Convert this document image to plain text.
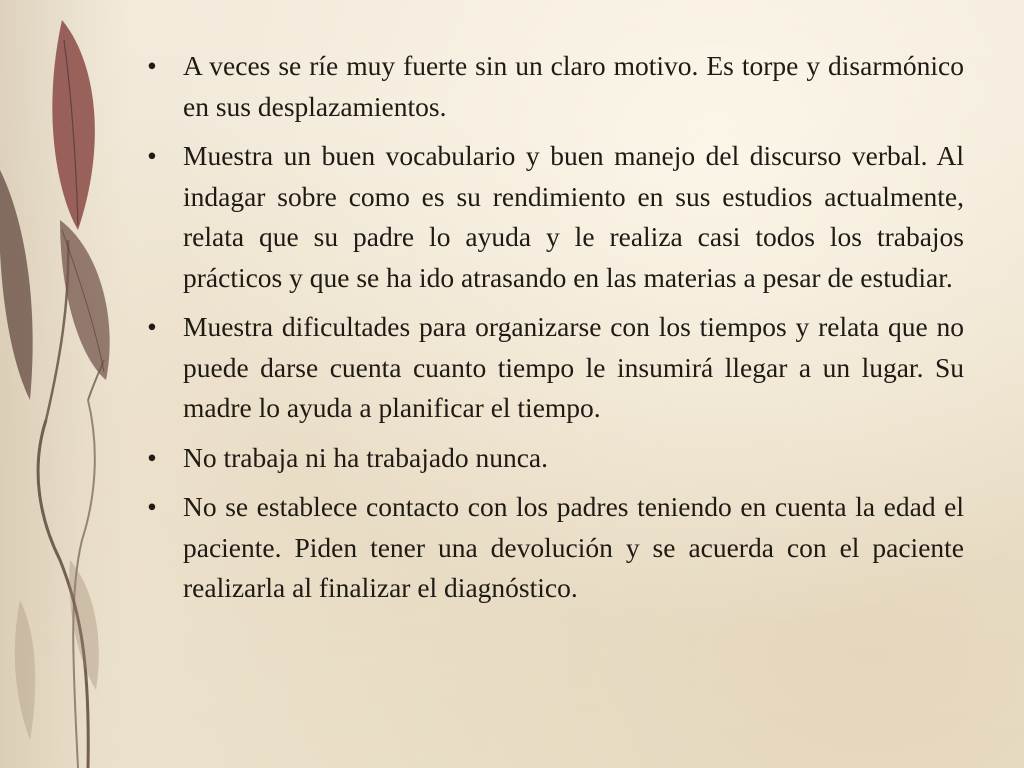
• A veces se ríe muy fuerte sin un claro motivo. Es torpe y disarmónico en sus desplazamientos.
• Muestra un buen vocabulario y buen manejo del discurso verbal. Al indagar sobre como es su rendimiento en sus estudios actualmente, relata que su padre lo ayuda y le realiza casi todos los trabajos prácticos y que se ha ido atrasando en las materias a pesar de estudiar.
• Muestra dificultades para organizarse con los tiempos y relata que no puede darse cuenta cuanto tiempo le insumirá llegar a un lugar. Su madre lo ayuda a planificar el tiempo.
• No trabaja ni ha trabajado nunca.
• No se establece contacto con los padres teniendo en cuenta la edad el paciente. Piden tener una devolución y se acuerda con el paciente realizarla al finalizar el diagnóstico.
